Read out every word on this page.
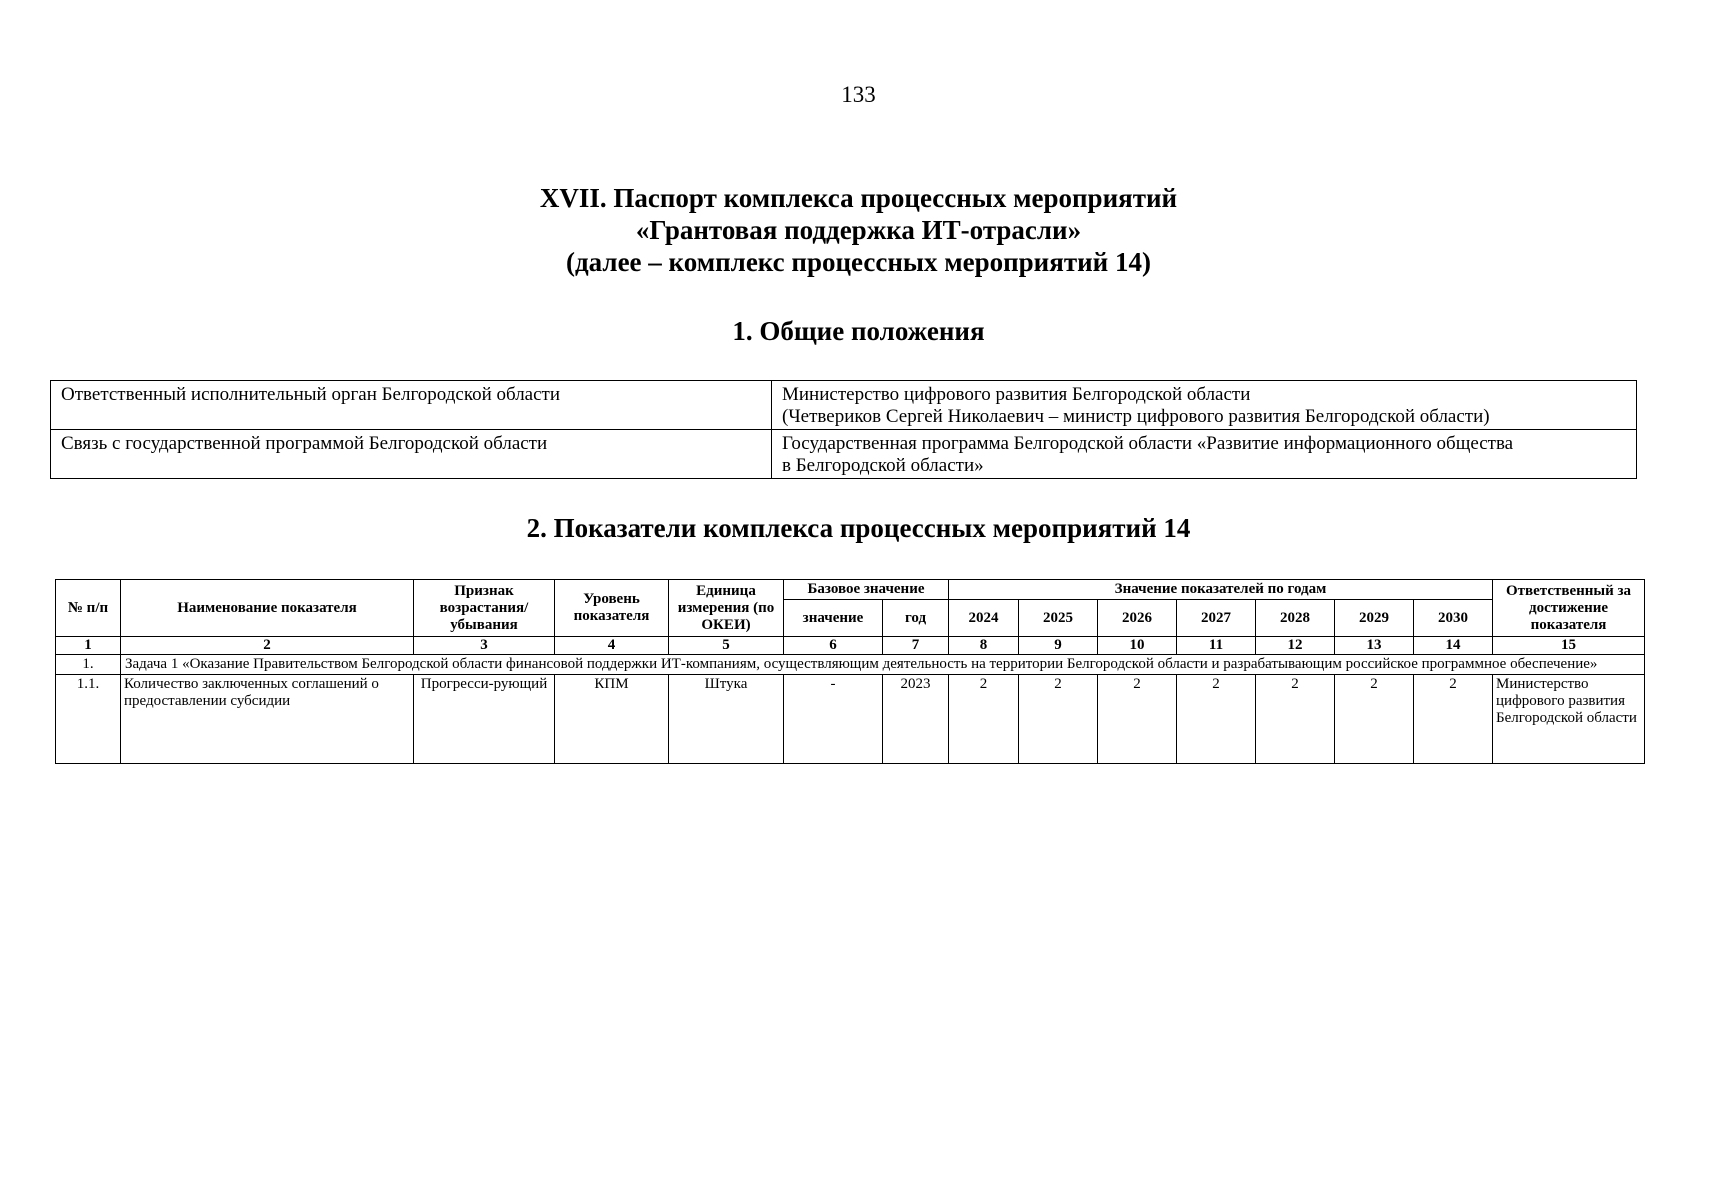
133
XVII. Паспорт комплекса процессных мероприятий
«Грантовая поддержка ИТ-отрасли»
(далее – комплекс процессных мероприятий 14)
1. Общие положения
Ответственный исполнительный орган Белгородской области	Министерство цифрового развития Белгородской области
(Четвериков Сергей Николаевич – министр цифрового развития Белгородской области)

Связь с государственной программой Белгородской области	Государственная программа Белгородской области «Развитие информационного общества
в Белгородской области»
2. Показатели комплекса процессных мероприятий 14
№ п/п	Наименование показателя	Признак возрастания/ убывания	Уровень показателя	Единица измерения (по ОКЕИ)	Базовое значение		Значение показателей по годам							Ответственный за достижение показателя
					значение	год	2024	2025	2026	2027	2028	2029	2030	
1	2	3	4	5	6	7	8	9	10	11	12	13	14	15
1.	Задача 1 «Оказание Правительством Белгородской области финансовой поддержки ИТ-компаниям, осуществляющим деятельность на территории Белгородской области и разрабатывающим российское программное обеспечение»													
1.1.	Количество заключенных соглашений о предоставлении субсидии	Прогресси-рующий	КПМ	Штука	-	2023	2	2	2	2	2	2	2	Министерство цифрового развития Белгородской области
